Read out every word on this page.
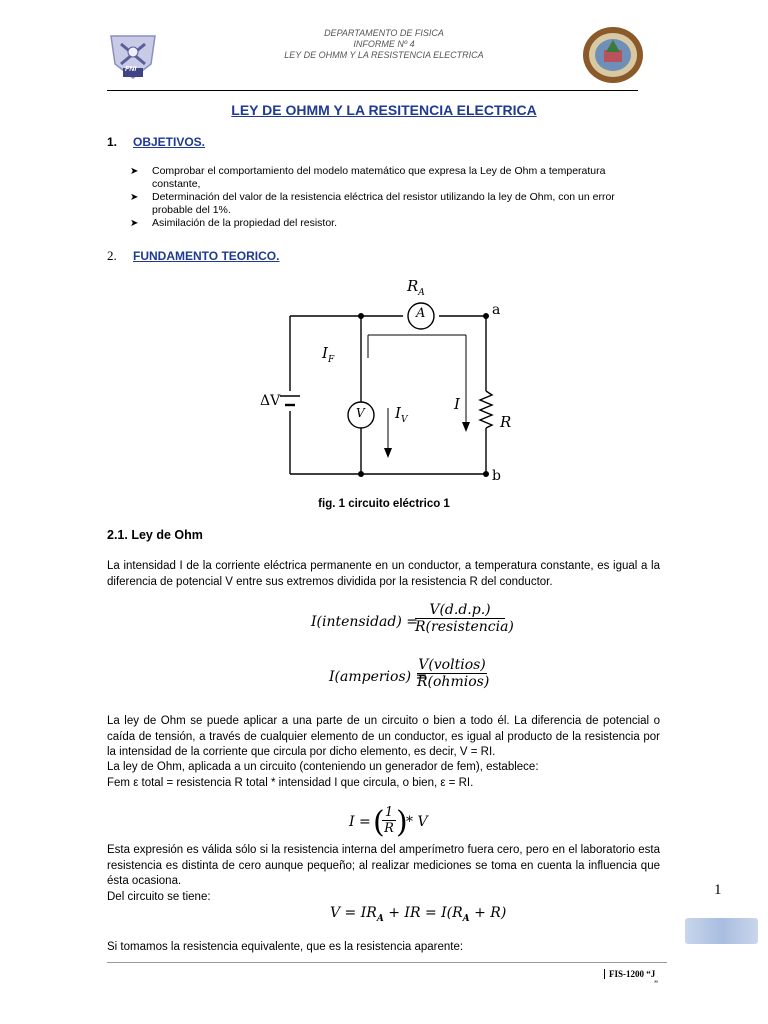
FNI
DEPARTAMENTO DE FISICA
INFORME Nº 4
LEY DE OHMM Y LA RESISTENCIA ELECTRICA
LEY DE OHMM Y LA RESITENCIA ELECTRICA
1. OBJETIVOS.
➤ Comprobar el comportamiento del modelo matemático que expresa la Ley de Ohm a temperatura constante,
➤ Determinación del valor de la resistencia eléctrica del resistor utilizando la ley de Ohm, con un error probable del 1%.
➤ Asimilación de la propiedad del resistor.
2. FUNDAMENTO TEORICO.
$R_A$
A
V
a
b
$I_F$
$I_V$
I
R
ΔV
fig. 1 circuito eléctrico 1
2.1. Ley de Ohm
La intensidad I de la corriente eléctrica permanente en un conductor, a temperatura constante, es igual a la diferencia de potencial V entre sus extremos dividida por la resistencia R del conductor.
I(intensidad) =
V(d.d.p.)
R(resistencia)
I(amperios) =
V(voltios)
R(ohmios)
La ley de Ohm se puede aplicar a una parte de un circuito o bien a todo él. La diferencia de potencial o caída de tensión, a través de cualquier elemento de un conductor, es igual al producto de la resistencia por la intensidad de la corriente que circula por dicho elemento, es decir, V = RI.
La ley de Ohm, aplicada a un circuito (conteniendo un generador de fem), establece:
Fem ε total = resistencia R total * intensidad I que circula, o bien, ε = RI.
I = (
$\frac{1}{R}$ )
* V
Esta expresión es válida sólo si la resistencia interna del amperímetro fuera cero, pero en el laboratorio esta resistencia es distinta de cero aunque pequeño; al realizar mediciones se toma en cuenta la influencia que ésta ocasiona.
Del circuito se tiene:
$V = IR_A$ + IR = $I(R_A + R)$
Si tomamos la resistencia equivalente, que es la resistencia aparente:
1
FIS-1200 “J
”
